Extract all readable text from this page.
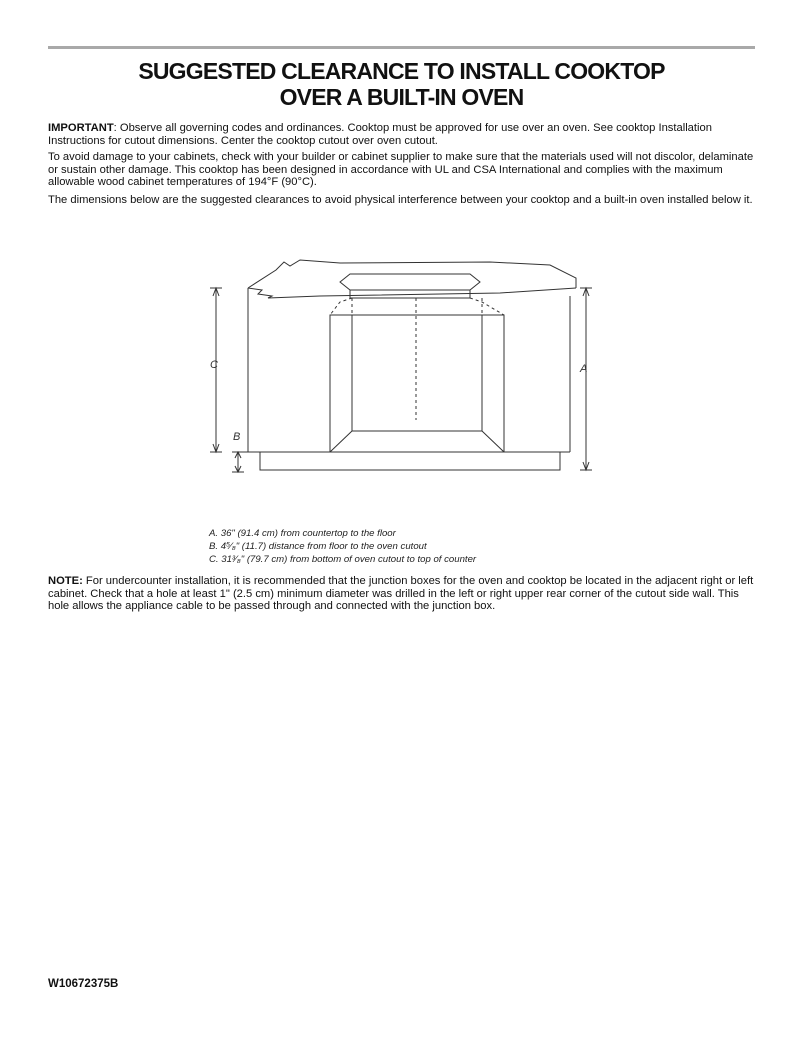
SUGGESTED CLEARANCE TO INSTALL COOKTOP
OVER A BUILT-IN OVEN

IMPORTANT: Observe all governing codes and ordinances. Cooktop must be approved for use over an oven. See cooktop Installation Instructions for cutout dimensions. Center the cooktop cutout over oven cutout.

To avoid damage to your cabinets, check with your builder or cabinet supplier to make sure that the materials used will not discolor, delaminate or sustain other damage. This cooktop has been designed in accordance with UL and CSA International and complies with the maximum allowable wood cabinet temperatures of 194°F (90°C).

The dimensions below are the suggested clearances to avoid physical interference between your cooktop and a built-in oven installed below it.

C	A
B
A. 36" (91.4 cm) from countertop to the floor
B. 4⁵⁄₈" (11.7) distance from floor to the oven cutout
C. 31³⁄₈" (79.7 cm) from bottom of oven cutout to top of counter

NOTE: For undercounter installation, it is recommended that the junction boxes for the oven and cooktop be located in the adjacent right or left cabinet. Check that a hole at least 1" (2.5 cm) minimum diameter was drilled in the left or right upper rear corner of the cutout side wall. This hole allows the appliance cable to be passed through and connected with the junction box.

W10672375B
